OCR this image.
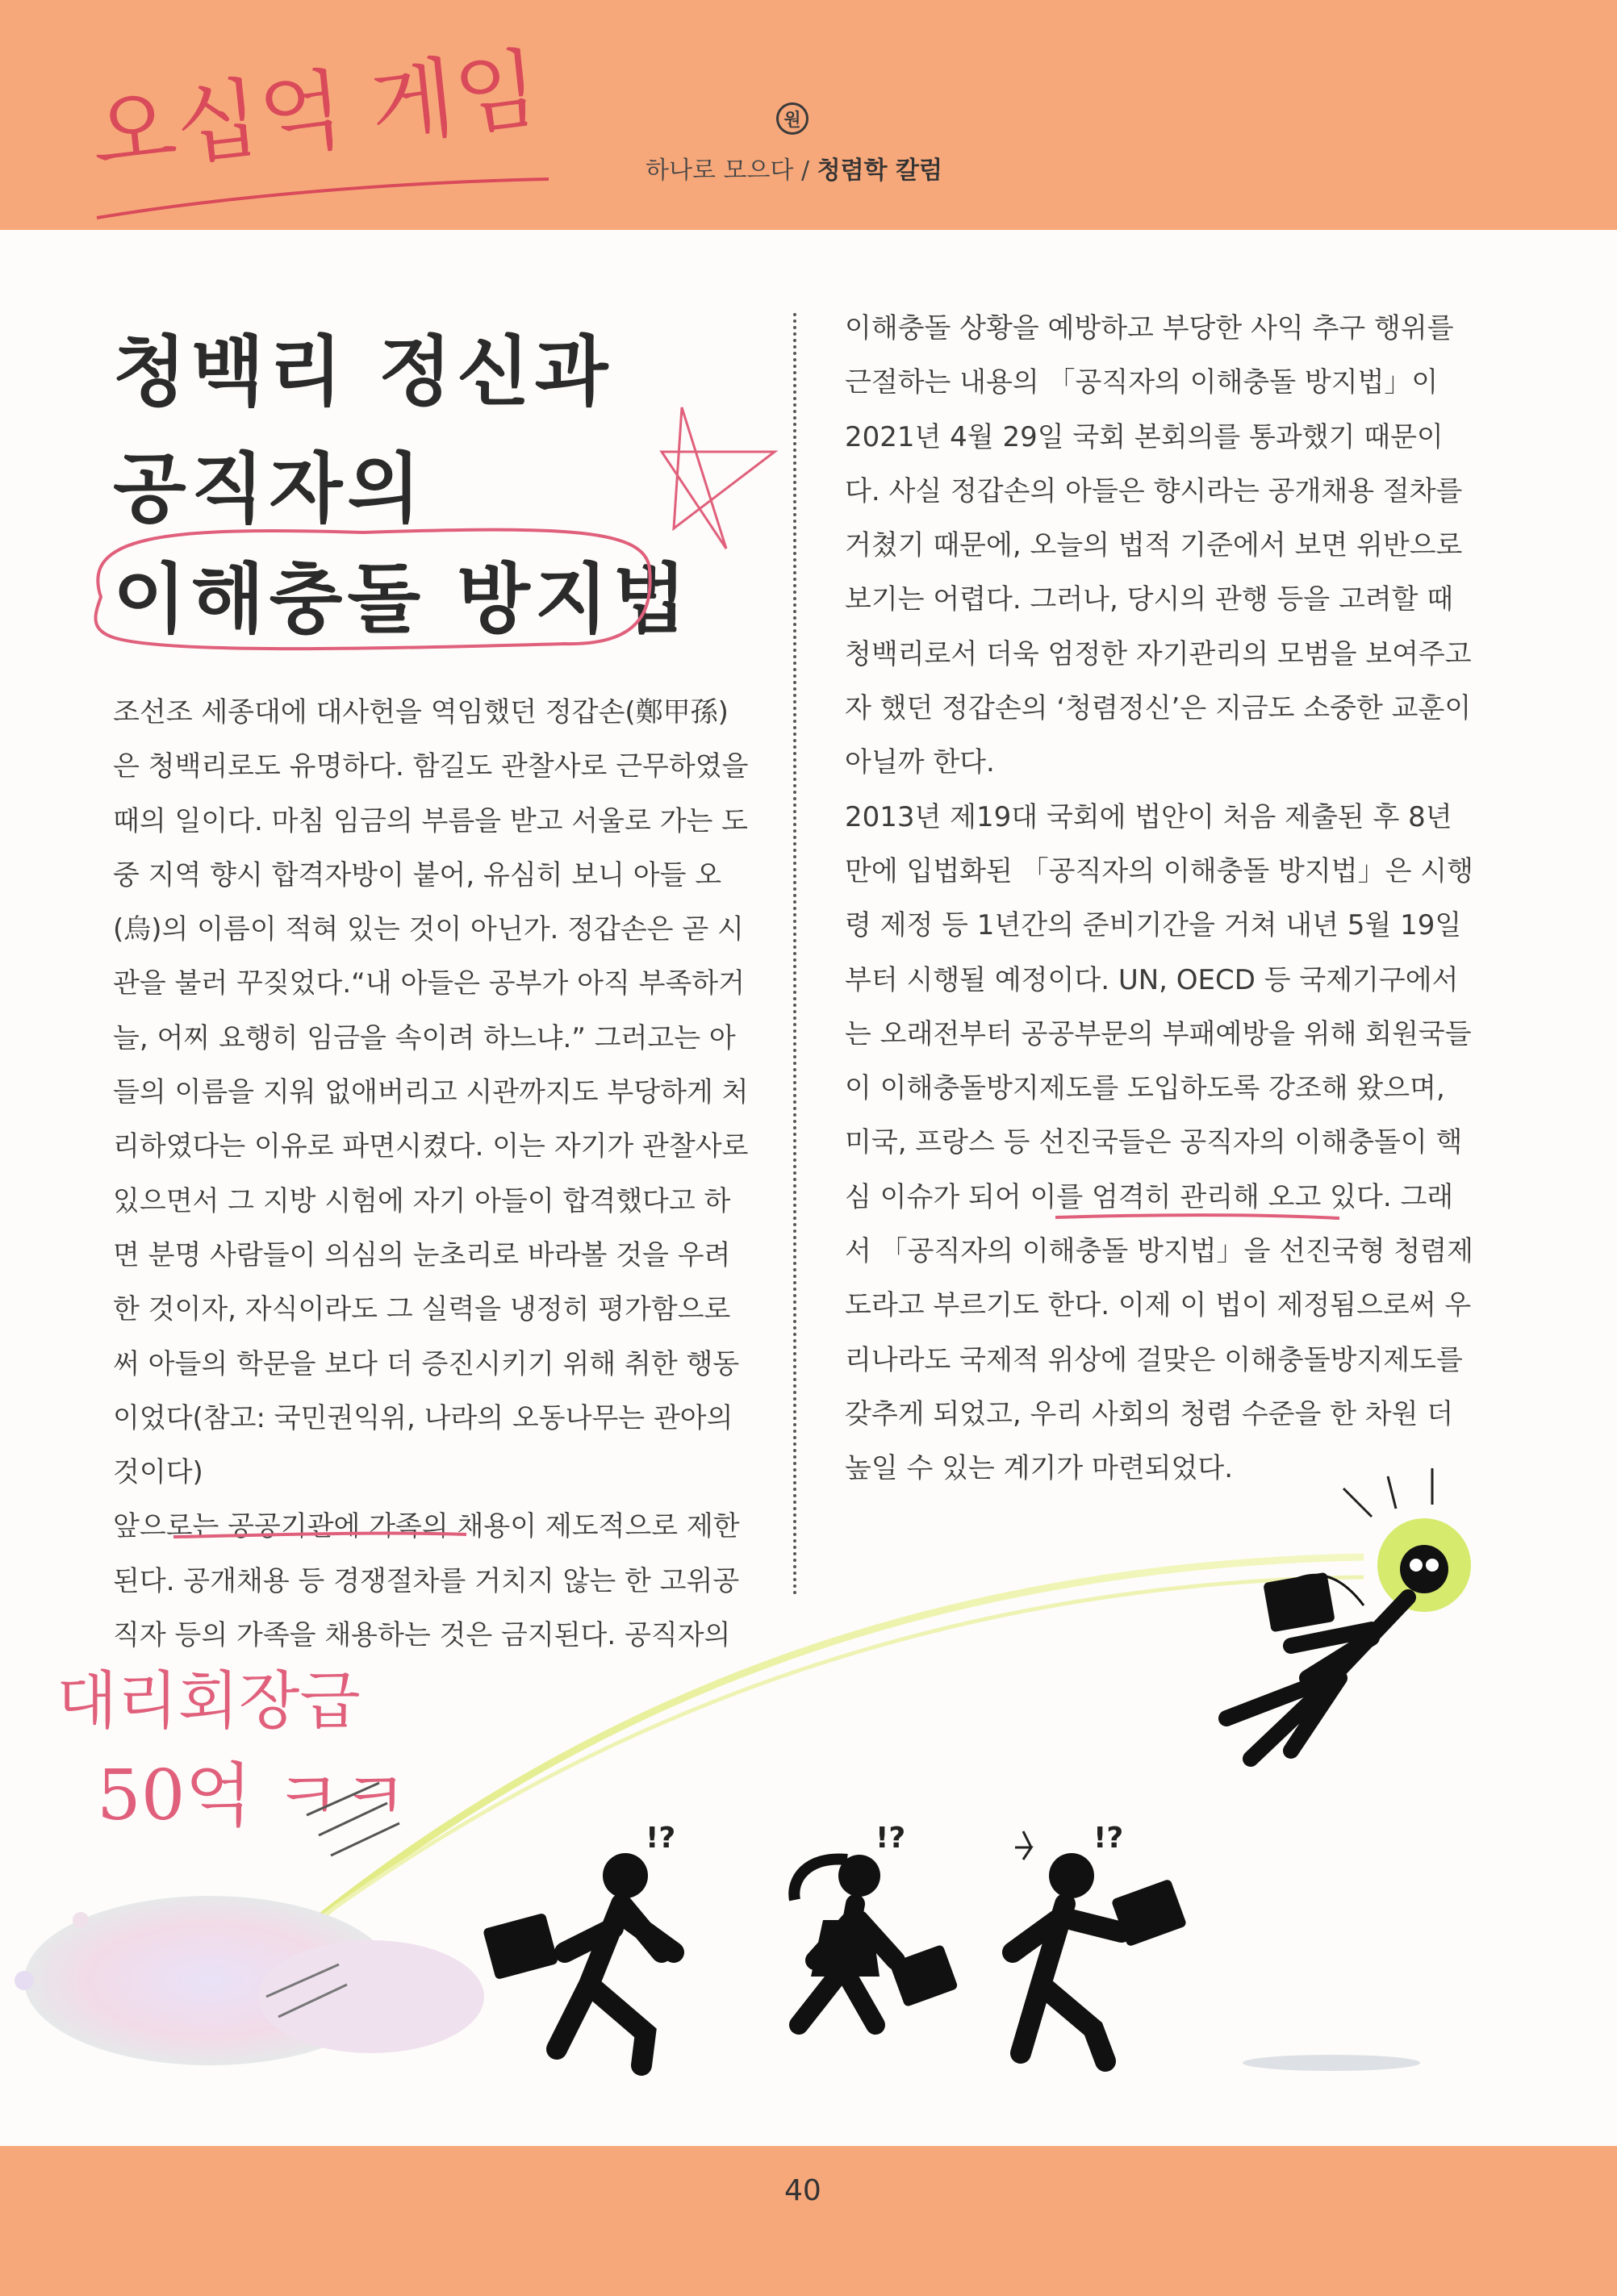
원
하나로 모으다 / 청렴학 칼럼
청백리 정신과
공직자의
이해충돌 방지법

조선조 세종대에 대사헌을 역임했던 정갑손(鄭甲孫)은 청백리로도 유명하다. 함길도 관찰사로 근무하였을 때의 일이다. 마침 임금의 부름을 받고 서울로 가는 도중 지역 향시 합격자방이 붙어, 유심히 보니 아들 오(烏)의 이름이 적혀 있는 것이 아닌가. 정갑손은 곧 시관을 불러 꾸짖었다.“내 아들은 공부가 아직 부족하거늘, 어찌 요행히 임금을 속이려 하느냐.” 그러고는 아들의 이름을 지워 없애버리고 시관까지도 부당하게 처리하였다는 이유로 파면시켰다. 이는 자기가 관찰사로 있으면서 그 지방 시험에 자기 아들이 합격했다고 하면 분명 사람들이 의심의 눈초리로 바라볼 것을 우려한 것이자, 자식이라도 그 실력을 냉정히 평가함으로써 아들의 학문을 보다 더 증진시키기 위해 취한 행동이었다(참고: 국민권익위, 나라의 오동나무는 관아의 것이다)

앞으로는 공공기관에 가족의 채용이 제도적으로 제한된다. 공개채용 등 경쟁절차를 거치지 않는 한 고위공직자 등의 가족을 채용하는 것은 금지된다. 공직자의

이해충돌 상황을 예방하고 부당한 사익 추구 행위를 근절하는 내용의 「공직자의 이해충돌 방지법」이 2021년 4월 29일 국회 본회의를 통과했기 때문이다. 사실 정갑손의 아들은 향시라는 공개채용 절차를 거쳤기 때문에, 오늘의 법적 기준에서 보면 위반으로 보기는 어렵다. 그러나, 당시의 관행 등을 고려할 때 청백리로서 더욱 엄정한 자기관리의 모범을 보여주고자 했던 정갑손의 ‘청렴정신’은 지금도 소중한 교훈이 아닐까 한다.

2013년 제19대 국회에 법안이 처음 제출된 후 8년만에 입법화된 「공직자의 이해충돌 방지법」은 시행령 제정 등 1년간의 준비기간을 거쳐 내년 5월 19일부터 시행될 예정이다. UN, OECD 등 국제기구에서는 오래전부터 공공부문의 부패예방을 위해 회원국들이 이해충돌방지제도를 도입하도록 강조해 왔으며, 미국, 프랑스 등 선진국들은 공직자의 이해충돌이 핵심 이슈가 되어 이를 엄격히 관리해 오고 있다. 그래서 「공직자의 이해충돌 방지법」을 선진국형 청렴제도라고 부르기도 한다. 이제 이 법이 제정됨으로써 우리나라도 국제적 위상에 걸맞은 이해충돌방지제도를 갖추게 되었고, 우리 사회의 청렴 수준을 한 차원 더 높일 수 있는 계기가 마련되었다.

오십억 게임
대리회장급
50억 ㅋㅋ
!?	!?	!?
40
